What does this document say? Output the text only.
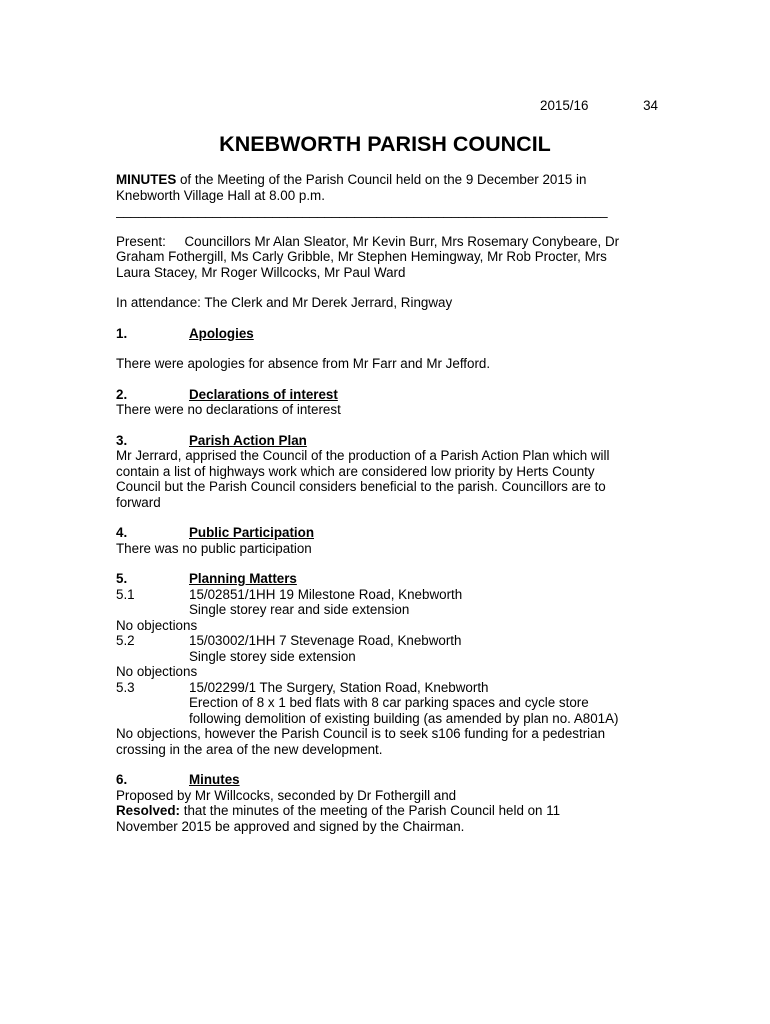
2015/16	34
KNEBWORTH PARISH COUNCIL

MINUTES of the Meeting of the Parish Council held on the 9 December 2015 in
Knebworth Village Hall at 8.00 p.m.

__________________________________________________________________

Present: Councillors Mr Alan Sleator, Mr Kevin Burr, Mrs Rosemary Conybeare, Dr
Graham Fothergill, Ms Carly Gribble, Mr Stephen Hemingway, Mr Rob Procter, Mrs
Laura Stacey, Mr Roger Willcocks, Mr Paul Ward

In attendance: The Clerk and Mr Derek Jerrard, Ringway

1.	Apologies

There were apologies for absence from Mr Farr and Mr Jefford.

2.	Declarations of interest

There were no declarations of interest

3.	Parish Action Plan

Mr Jerrard, apprised the Council of the production of a Parish Action Plan which will
contain a list of highways work which are considered low priority by Herts County
Council but the Parish Council considers beneficial to the parish. Councillors are to
forward

4.	Public Participation

There was no public participation

5.	Planning Matters
5.1	15/02851/1HH 19 Milestone Road, Knebworth
Single storey rear and side extension

No objections

5.2	15/03002/1HH 7 Stevenage Road, Knebworth
Single storey side extension

No objections

5.3	15/02299/1 The Surgery, Station Road, Knebworth
Erection of 8 x 1 bed flats with 8 car parking spaces and cycle store
following demolition of existing building (as amended by plan no. A801A)

No objections, however the Parish Council is to seek s106 funding for a pedestrian
crossing in the area of the new development.

6.	Minutes

Proposed by Mr Willcocks, seconded by Dr Fothergill and
Resolved: that the minutes of the meeting of the Parish Council held on 11
November 2015 be approved and signed by the Chairman.
